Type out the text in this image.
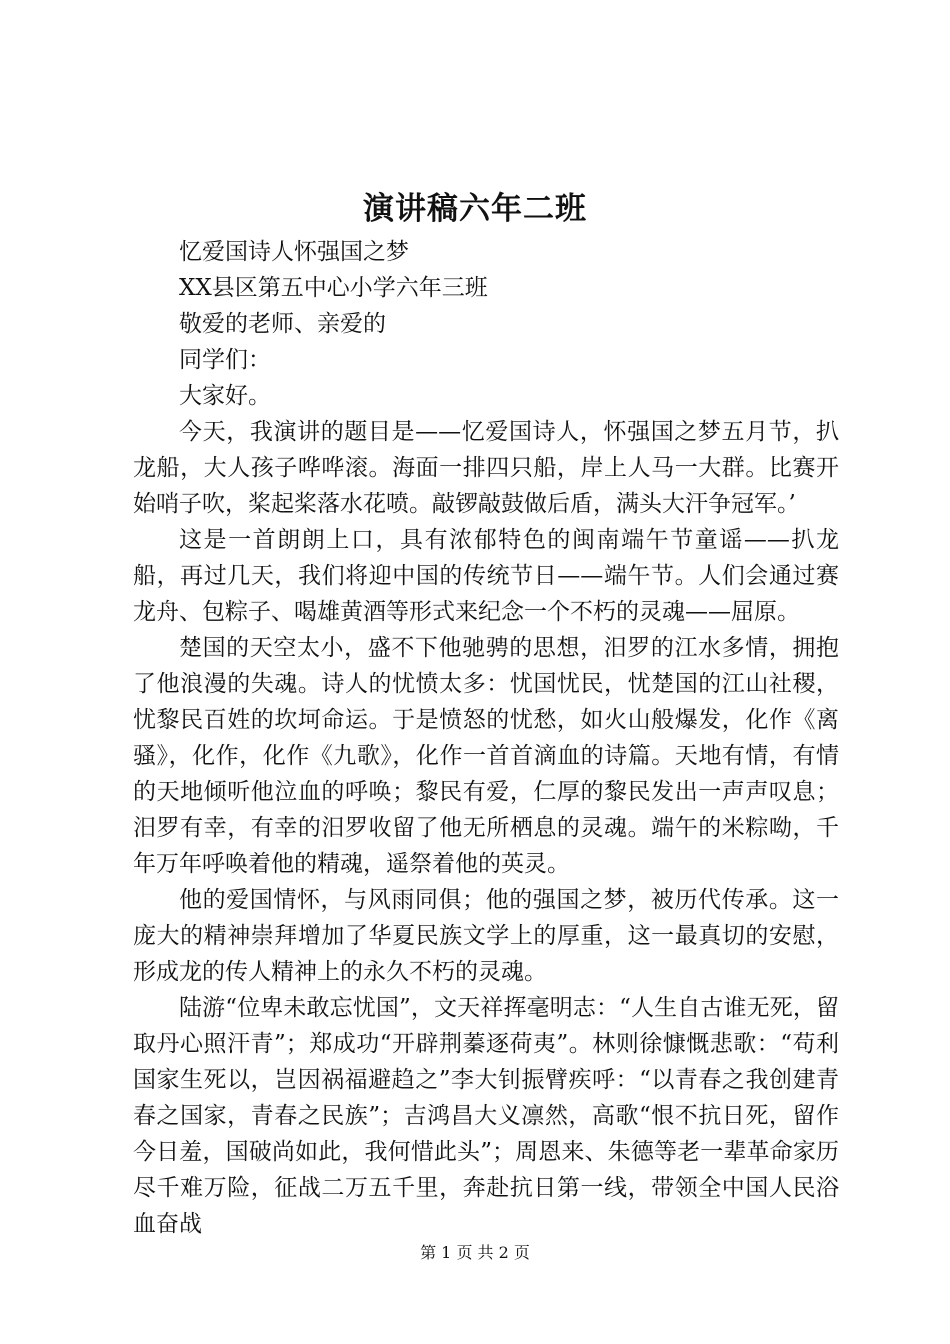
演讲稿六年二班

忆爱国诗人怀强国之梦

XX县区第五中心小学六年三班

敬爱的老师、亲爱的

同学们：

大家好。

今天，我演讲的题目是——忆爱国诗人，怀强国之梦五月节，扒龙船，大人孩子哗哗滚。海面一排四只船，岸上人马一大群。比赛开始哨子吹，桨起桨落水花喷。敲锣敲鼓做后盾，满头大汗争冠军。’

这是一首朗朗上口，具有浓郁特色的闽南端午节童谣——扒龙船，再过几天，我们将迎中国的传统节日——端午节。人们会通过赛龙舟、包粽子、喝雄黄酒等形式来纪念一个不朽的灵魂——屈原。

楚国的天空太小，盛不下他驰骋的思想，汨罗的江水多情，拥抱了他浪漫的失魂。诗人的忧愤太多：忧国忧民，忧楚国的江山社稷，忧黎民百姓的坎坷命运。于是愤怒的忧愁，如火山般爆发，化作《离骚》，化作，化作《九歌》，化作一首首滴血的诗篇。天地有情，有情的天地倾听他泣血的呼唤；黎民有爱，仁厚的黎民发出一声声叹息；汨罗有幸，有幸的汨罗收留了他无所栖息的灵魂。端午的米粽呦，千年万年呼唤着他的精魂，遥祭着他的英灵。

他的爱国情怀，与风雨同俱；他的强国之梦，被历代传承。这一庞大的精神崇拜增加了华夏民族文学上的厚重，这一最真切的安慰，形成龙的传人精神上的永久不朽的灵魂。

陆游“位卑未敢忘忧国”，文天祥挥毫明志：“人生自古谁无死，留取丹心照汗青”；郑成功“开辟荆蓁逐荷夷”。林则徐慷慨悲歌：“苟利国家生死以，岂因祸福避趋之”李大钊振臂疾呼：“以青春之我创建青春之国家，青春之民族”；吉鸿昌大义凛然，高歌“恨不抗日死，留作今日羞，国破尚如此，我何惜此头”；周恩来、朱德等老一辈革命家历尽千难万险，征战二万五千里，奔赴抗日第一线，带领全中国人民浴血奋战

第 1 页 共 2 页
